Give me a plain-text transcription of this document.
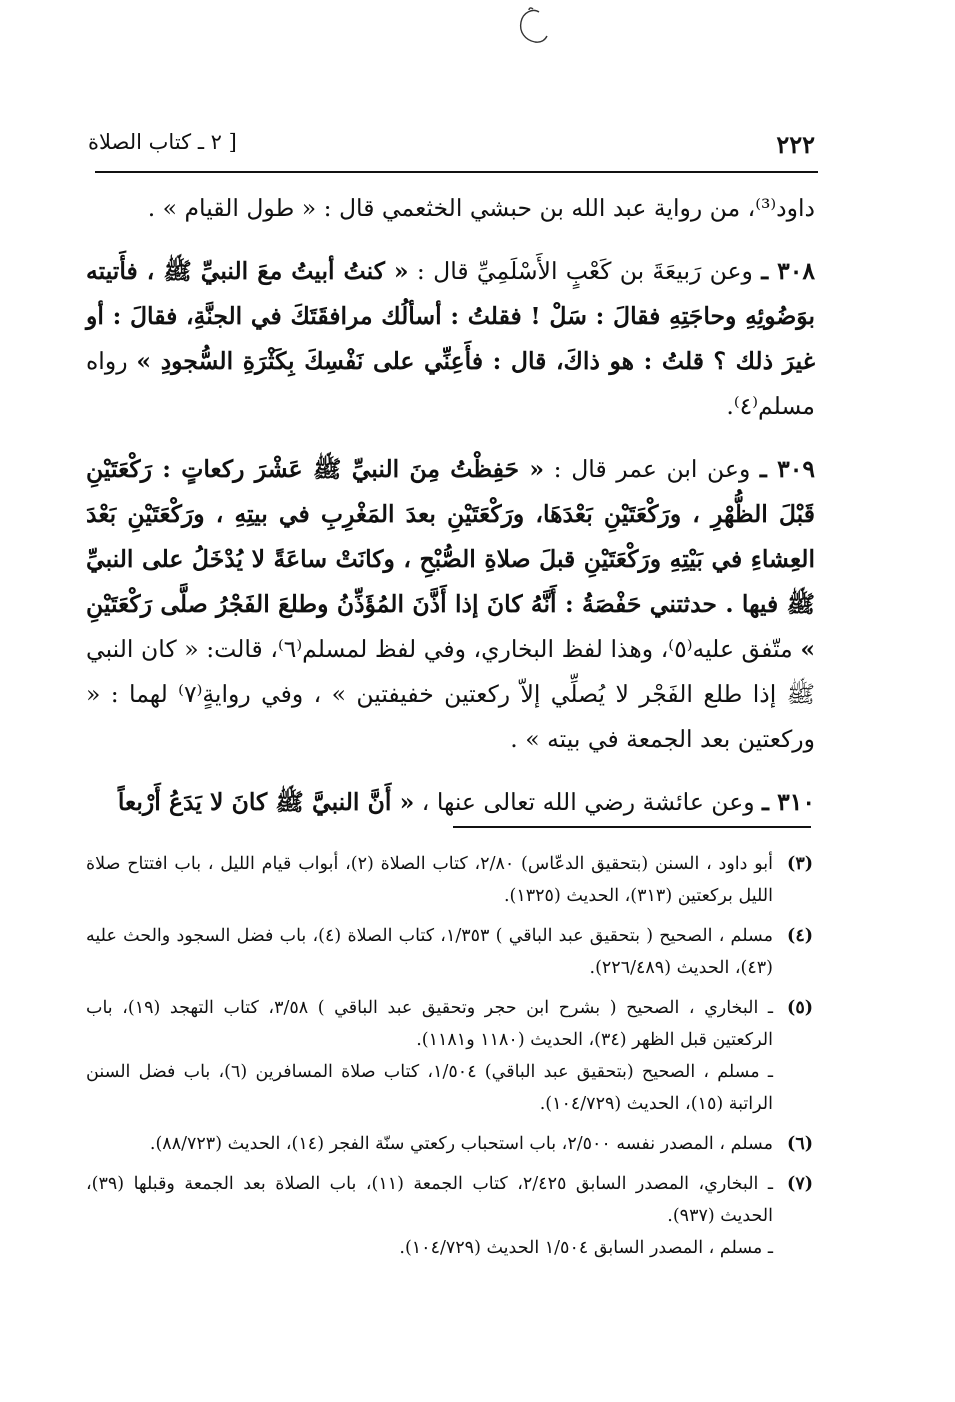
٢٢٢
[ ٢ ـ كتاب الصلاة

داود⁽³⁾، من رواية عبد الله بن حبشي الخثعمي قال : « طول القيام » .

٣٠٨ ـ وعن رَبيعَةَ بن كَعْبٍ الأَسْلَمِيِّ قال : « كنتُ أبيتُ معَ النبيِّ ﷺ ، فأَتيته بوَضُوئِهِ وحاجَتِهِ فقالَ : سَلْ ! فقلتُ : أسألُك مرافقَتَكَ في الجنَّةِ، فقالَ : أو غيرَ ذلك ؟ قلتُ : هو ذاكَ، قال : فأَعِنِّي على نَفْسِكَ بِكَثْرَةِ السُّجودِ » رواه مسلم⁽٤⁾.

٣٠٩ ـ وعن ابن عمر قال : « حَفِظْتُ مِنَ النبيِّ ﷺ عَشْرَ ركعاتٍ : رَكْعَتَيْنِ قَبْلَ الظُّهْرِ ، ورَكْعَتَيْنِ بَعْدَهَا، ورَكْعَتَيْنِ بعدَ المَغْرِبِ في بيتِهِ ، ورَكْعَتَيْنِ بَعْدَ العِشاءِ في بَيْتِهِ ورَكْعَتَيْنِ قبلَ صلاةِ الصُّبْحِ ، وكانَتْ ساعَةً لا يُدْخَلُ على النبيِّ ﷺ فيها . حدثتني حَفْصَةُ : أَنَّهُ كانَ إذا أَذَّنَ المُؤَذِّنُ وطلعَ الفَجْرُ صلَّى رَكْعَتَيْنِ » متّفق عليه⁽٥⁾، وهذا لفظ البخاري، وفي لفظ لمسلم⁽٦⁾، قالت: « كان النبي ﷺ إذا طلع الفَجْر لا يُصلِّي إلاّ ركعتين خفيفتين » ، وفي روايةٍ⁽٧⁾ لهما : « وركعتين بعد الجمعة في بيته » .

٣١٠ ـ وعن عائشة رضي الله تعالى عنها ، « أَنَّ النبيَّ ﷺ كانَ لا يَدَعُ أَرْبعاً

(٣)
أبو داود ، السنن (بتحقيق الدعّاس) ٢/٨٠، كتاب الصلاة (٢)، أبواب قيام الليل ، باب افتتاح صلاة الليل بركعتين (٣١٣)، الحديث (١٣٢٥).
(٤)
مسلم ، الصحيح ( بتحقيق عبد الباقي ) ١/٣٥٣، كتاب الصلاة (٤)، باب فضل السجود والحث عليه (٤٣)، الحديث (٢٢٦/٤٨٩).
(٥)
ـ البخاري ، الصحيح ( بشرح ابن حجر وتحقيق عبد الباقي ) ٣/٥٨، كتاب التهجد (١٩)، باب الركعتين قبل الظهر (٣٤)، الحديث (١١٨٠ و١١٨١).
ـ مسلم ، الصحيح (بتحقيق عبد الباقي) ١/٥٠٤، كتاب صلاة المسافرين (٦)، باب فضل السنن الراتبة (١٥)، الحديث (١٠٤/٧٢٩).
(٦)
مسلم ، المصدر نفسه ٢/٥٠٠، باب استحباب ركعتي سنّة الفجر (١٤)، الحديث (٨٨/٧٢٣).
(٧)
ـ البخاري، المصدر السابق ٢/٤٢٥، كتاب الجمعة (١١)، باب الصلاة بعد الجمعة وقبلها (٣٩)، الحديث (٩٣٧).
ـ مسلم ، المصدر السابق ١/٥٠٤ الحديث (١٠٤/٧٢٩).
